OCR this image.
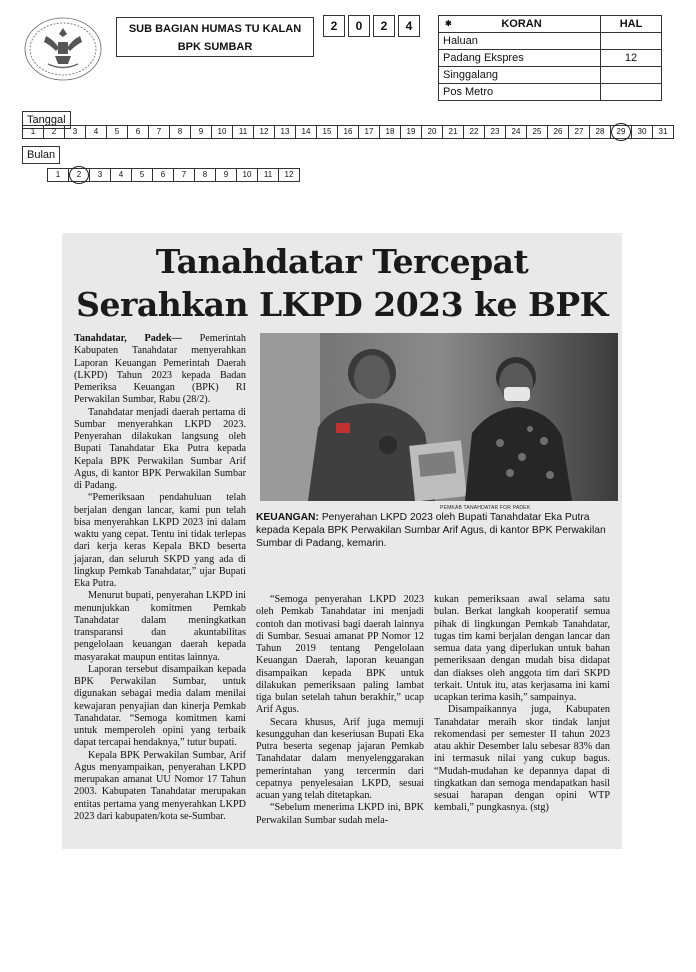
SUB BAGIAN HUMAS TU KALAN
BPK SUMBAR
2	0	2	4	✱	KORAN	HAL
Haluan
Padang Ekspres	12
Singgalang
Pos Metro
Tanggal
1	2	3	4	5	6	7	8	9	10	11	12	13	14	15	16	17	18	19	20	21	22	23	24	25	26	27	28	29	30	31
Bulan
1	2	3	4	5	6	7	8	9	10	11	12
Tanahdatar Tercepat
Serahkan LKPD 2023 ke BPK

Tanahdatar, Padek— Pemerintah Kabupaten Tanahdatar menyerahkan Laporan Keuangan Pemerintah Daerah (LKPD) Tahun 2023 kepada Badan Pemeriksa Keuangan (BPK) RI Perwakilan Sumbar, Rabu (28/2).

Tanahdatar menjadi daerah pertama di Sumbar menyerahkan LKPD 2023. Penyerahan dilakukan langsung oleh Bupati Tanahdatar Eka Putra kepada Kepala BPK Perwakilan Sumbar Arif Agus, di kantor BPK Perwakilan Sumbar di Padang.

“Pemeriksaan pendahuluan telah berjalan dengan lancar, kami pun telah bisa menyerahkan LKPD 2023 ini dalam waktu yang cepat. Tentu ini tidak terlepas dari kerja keras Kepala BKD beserta jajaran, dan seluruh SKPD yang ada di lingkup Pemkab Tanahdatar,” ujar Bupati Eka Putra.

Menurut bupati, penyerahan LKPD ini menunjukkan komitmen Pemkab Tanahdatar dalam meningkatkan transparansi dan akuntabilitas pengelolaan keuangan daerah kepada masyarakat maupun entitas lainnya.

Laporan tersebut disampaikan kepada BPK Perwakilan Sumbar, untuk digunakan sebagai media dalam menilai kewajaran penyajian dan kinerja Pemkab Tanahdatar. “Semoga komitmen kami untuk memperoleh opini yang terbaik dapat tercapai hendaknya,” tutur bupati.

Kepala BPK Perwakilan Sumbar, Arif Agus menyampaikan, penyerahan LKPD merupakan amanat UU Nomor 17 Tahun 2003. Kabupaten Tanahdatar merupakan entitas pertama yang menyerahkan LKPD 2023 dari kabupaten/kota se-Sumbar.

PEMKAB TANAHDATAR FOR PADEK
KEUANGAN: Penyerahan LKPD 2023 oleh Bupati Tanahdatar Eka Putra kepada Kepala BPK Perwakilan Sumbar Arif Agus, di kantor BPK Perwakilan Sumbar di Padang, kemarin.

“Semoga penyerahan LKPD 2023 oleh Pemkab Tanahdatar ini menjadi contoh dan motivasi bagi daerah lainnya di Sumbar. Sesuai amanat PP Nomor 12 Tahun 2019 tentang Pengelolaan Keuangan Daerah, laporan keuangan disampaikan kepada BPK untuk dilakukan pemeriksaan paling lambat tiga bulan setelah tahun berakhir,” ucap Arif Agus.

Secara khusus, Arif juga memuji kesungguhan dan keseriusan Bupati Eka Putra beserta segenap jajaran Pemkab Tanahdatar dalam menyelenggarakan pemerintahan yang tercermin dari cepatnya penyelesaian LKPD, sesuai acuan yang telah ditetapkan.

“Sebelum menerima LKPD ini, BPK Perwakilan Sumbar sudah mela-

kukan pemeriksaan awal selama satu bulan. Berkat langkah kooperatif semua pihak di lingkungan Pemkab Tanahdatar, tugas tim kami berjalan dengan lancar dan semua data yang diperlukan untuk bahan pemeriksaan dengan mudah bisa didapat dan diakses oleh anggota tim dari SKPD terkait. Untuk itu, atas kerjasama ini kami ucapkan terima kasih,” sampainya.

Disampaikannya juga, Kabupaten Tanahdatar meraih skor tindak lanjut rekomendasi per semester II tahun 2023 atau akhir Desember lalu sebesar 83% dan ini termasuk nilai yang cukup bagus. “Mudah-mudahan ke depannya dapat di tingkatkan dan semoga mendapatkan hasil sesuai harapan dengan opini WTP kembali,” pungkasnya. (stg)
